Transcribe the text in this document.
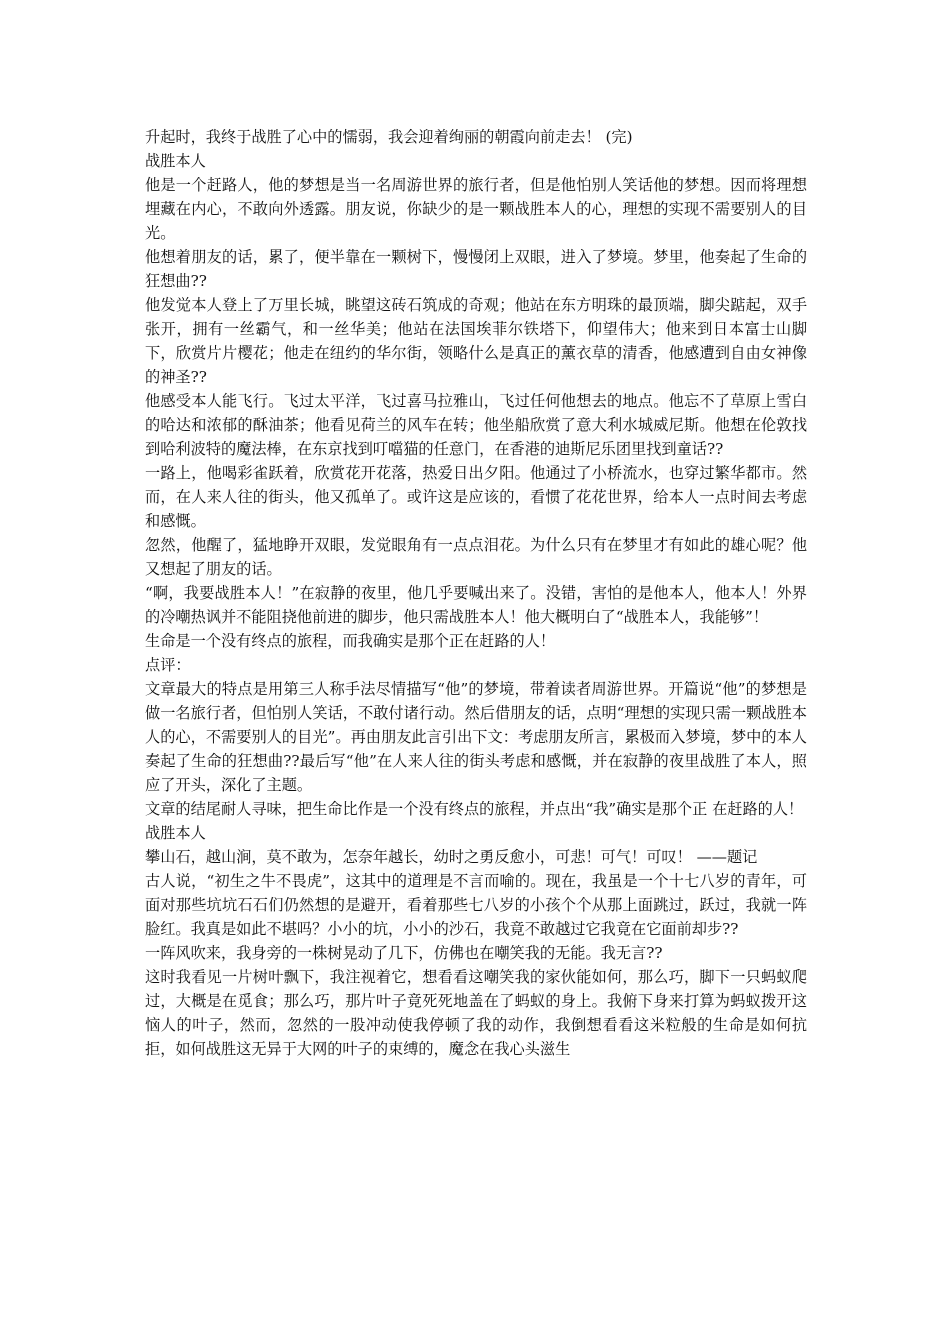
升起时，我终于战胜了心中的懦弱，我会迎着绚丽的朝霞向前走去！ (完)
战胜本人
他是一个赶路人，他的梦想是当一名周游世界的旅行者，但是他怕别人笑话他的梦想。因而将理想埋藏在内心，不敢向外透露。朋友说，你缺少的是一颗战胜本人的心，理想的实现不需要别人的目光。
他想着朋友的话，累了，便半靠在一颗树下，慢慢闭上双眼，进入了梦境。梦里，他奏起了生命的狂想曲??
他发觉本人登上了万里长城，眺望这砖石筑成的奇观；他站在东方明珠的最顶端，脚尖踮起，双手张开，拥有一丝霸气，和一丝华美；他站在法国埃菲尔铁塔下，仰望伟大；他来到日本富士山脚下，欣赏片片樱花；他走在纽约的华尔街，领略什么是真正的薰衣草的清香，他感遭到自由女神像的神圣??
他感受本人能飞行。飞过太平洋，飞过喜马拉雅山，飞过任何他想去的地点。他忘不了草原上雪白的哈达和浓郁的酥油茶；他看见荷兰的风车在转；他坐船欣赏了意大利水城威尼斯。他想在伦敦找到哈利波特的魔法棒，在东京找到叮噹猫的任意门，在香港的迪斯尼乐团里找到童话??
一路上，他喝彩雀跃着，欣赏花开花落，热爱日出夕阳。他通过了小桥流水，也穿过繁华都市。然而，在人来人往的街头，他又孤单了。或许这是应该的，看惯了花花世界，给本人一点时间去考虑和感慨。
忽然，他醒了，猛地睁开双眼，发觉眼角有一点点泪花。为什么只有在梦里才有如此的雄心呢？他又想起了朋友的话。
“啊，我要战胜本人！”在寂静的夜里，他几乎要喊出来了。没错，害怕的是他本人，他本人！外界的冷嘲热讽并不能阻挠他前进的脚步，他只需战胜本人！他大概明白了“战胜本人，我能够”！
生命是一个没有终点的旅程，而我确实是那个正在赶路的人！
点评：
文章最大的特点是用第三人称手法尽情描写“他”的梦境，带着读者周游世界。开篇说“他”的梦想是做一名旅行者，但怕别人笑话，不敢付诸行动。然后借朋友的话，点明“理想的实现只需一颗战胜本人的心，不需要别人的目光”。再由朋友此言引出下文：考虑朋友所言，累极而入梦境，梦中的本人奏起了生命的狂想曲??最后写“他”在人来人往的街头考虑和感慨，并在寂静的夜里战胜了本人，照应了开头，深化了主题。
文章的结尾耐人寻味，把生命比作是一个没有终点的旅程，并点出“我”确实是那个正 在赶路的人！
战胜本人
攀山石，越山涧，莫不敢为，怎奈年越长，幼时之勇反愈小，可悲！可气！可叹！ ——题记
古人说，“初生之牛不畏虎”，这其中的道理是不言而喻的。现在，我虽是一个十七八岁的青年，可面对那些坑坑石石们仍然想的是避开，看着那些七八岁的小孩个个从那上面跳过，跃过，我就一阵脸红。我真是如此不堪吗？小小的坑，小小的沙石，我竟不敢越过它我竟在它面前却步??
一阵风吹来，我身旁的一株树晃动了几下，仿佛也在嘲笑我的无能。我无言??
这时我看见一片树叶飘下，我注视着它，想看看这嘲笑我的家伙能如何，那么巧，脚下一只蚂蚁爬过，大概是在觅食；那么巧，那片叶子竟死死地盖在了蚂蚁的身上。我俯下身来打算为蚂蚁拨开这恼人的叶子，然而，忽然的一股冲动使我停顿了我的动作，我倒想看看这米粒般的生命是如何抗拒，如何战胜这无异于大网的叶子的束缚的，魔念在我心头滋生
